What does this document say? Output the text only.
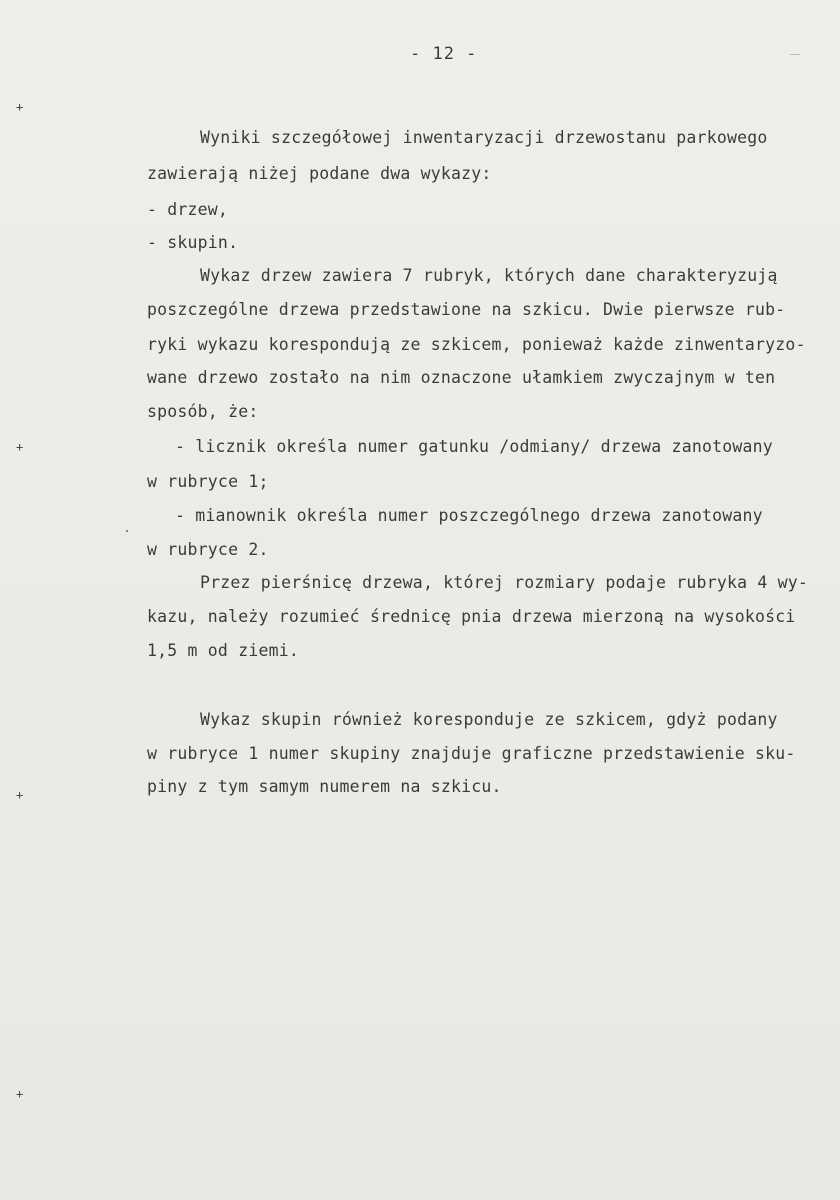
- 12 -
+
+
+
+
Wyniki szczegółowej inwentaryzacji drzewostanu parkowego
zawierają niżej podane dwa wykazy:
- drzew,
- skupin.
Wykaz drzew zawiera 7 rubryk, których dane charakteryzują
poszczególne drzewa przedstawione na szkicu. Dwie pierwsze rub-
ryki wykazu korespondują ze szkicem, ponieważ każde zinwentaryzo-
wane drzewo zostało na nim oznaczone ułamkiem zwyczajnym w ten
sposób, że:
- licznik określa numer gatunku /odmiany/ drzewa zanotowany
w rubryce 1;
- mianownik określa numer poszczególnego drzewa zanotowany
w rubryce 2.
Przez pierśnicę drzewa, której rozmiary podaje rubryka 4 wy-
kazu, należy rozumieć średnicę pnia drzewa mierzoną na wysokości
1,5 m od ziemi.
Wykaz skupin również koresponduje ze szkicem, gdyż podany
w rubryce 1 numer skupiny znajduje graficzne przedstawienie sku-
piny z tym samym numerem na szkicu.
